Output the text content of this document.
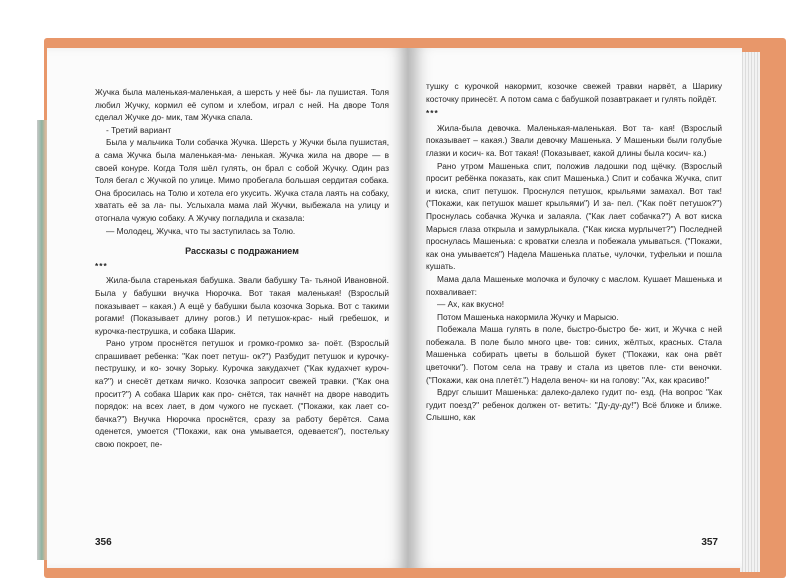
Жучка была маленькая-маленькая, а шерсть у неё бы- ла пушистая. Толя любил Жучку, кормил её супом и хлебом, играл с ней. На дворе Толя сделал Жучке до- мик, там Жучка спала.

- Третий вариант

Была у мальчика Толи собачка Жучка. Шерсть у Жучки была пушистая, а сама Жучка была маленькая-ма- ленькая. Жучка жила на дворе — в своей конуре. Когда Толя шёл гулять, он брал с собой Жучку. Один раз Толя бегал с Жучкой по улице. Мимо пробегала большая сердитая собака. Она бросилась на Толю и хотела его укусить. Жучка стала лаять на собаку, хватать её за ла- пы. Услыхала мама лай Жучки, выбежала на улицу и отогнала чужую собаку. А Жучку погладила и сказала:

— Молодец, Жучка, что ты заступилась за Толю.

Рассказы с подражанием

***

Жила-была старенькая бабушка. Звали бабушку Та- тьяной Ивановной. Была у бабушки внучка Нюрочка. Вот такая маленькая! (Взрослый показывает – какая.) А ещё у бабушки была козочка Зорька. Вот с такими рогами! (Показывает длину рогов.) И петушок-крас- ный гребешок, и курочка-пеструшка, и собака Шарик.

Рано утром проснётся петушок и громко-громко за- поёт. (Взрослый спрашивает ребенка: "Как поет петуш- ок?") Разбудит петушок и курочку-пеструшку, и ко- зочку Зорьку. Курочка закудахчет ("Как кудахчет куроч- ка?") и снесёт деткам яичко. Козочка запросит свежей травки. ("Как она просит?") А собака Шарик как про- снётся, так начнёт на дворе наводить порядок: на всех лает, в дом чужого не пускает. ("Покажи, как лает со- бачка?") Внучка Нюрочка проснётся, сразу за работу берётся. Сама оденется, умоется ("Покажи, как она умывается, одевается"), постельку свою покроет, пе-

356

тушку с курочкой накормит, козочке свежей травки нарвёт, а Шарику косточку принесёт. А потом сама с бабушкой позавтракает и гулять пойдёт.

***

Жила-была девочка. Маленькая-маленькая. Вот та- кая! (Взрослый показывает – какая.) Звали девочку Машенька. У Машеньки были голубые глазки и косич- ка. Вот такая! (Показывает, какой длины была косич- ка.)

Рано утром Машенька спит, положив ладошки под щёчку. (Взрослый просит ребёнка показать, как спит Машенька.) Спит и собачка Жучка, спит и киска, спит петушок. Проснулся петушок, крыльями замахал. Вот так! ("Покажи, как петушок машет крыльями") И за- пел. ("Как поёт петушок?") Проснулась собачка Жучка и залаяла. ("Как лает собачка?") А вот киска Марыся глаза открыла и замурлыкала. ("Как киска мурлычет?") Последней проснулась Машенька: с кроватки слезла и побежала умываться. ("Покажи, как она умывается") Надела Машенька платье, чулочки, туфельки и пошла кушать.

Мама дала Машеньке молочка и булочку с маслом. Кушает Машенька и похваливает:

— Ах, как вкусно!

Потом Машенька накормила Жучку и Марысю.

Побежала Маша гулять в поле, быстро-быстро бе- жит, и Жучка с ней побежала. В поле было много цве- тов: синих, жёлтых, красных. Стала Машенька собирать цветы в большой букет ("Покажи, как она рвёт цветочки"). Потом села на траву и стала из цветов пле- сти веночки. ("Покажи, как она плетёт.") Надела веноч- ки на голову: "Ах, как красиво!"

Вдруг слышит Машенька: далеко-далеко гудит по- езд. (На вопрос "Как гудит поезд?" ребенок должен от- ветить: "Ду-ду-ду!") Всё ближе и ближе. Слышно, как

357
